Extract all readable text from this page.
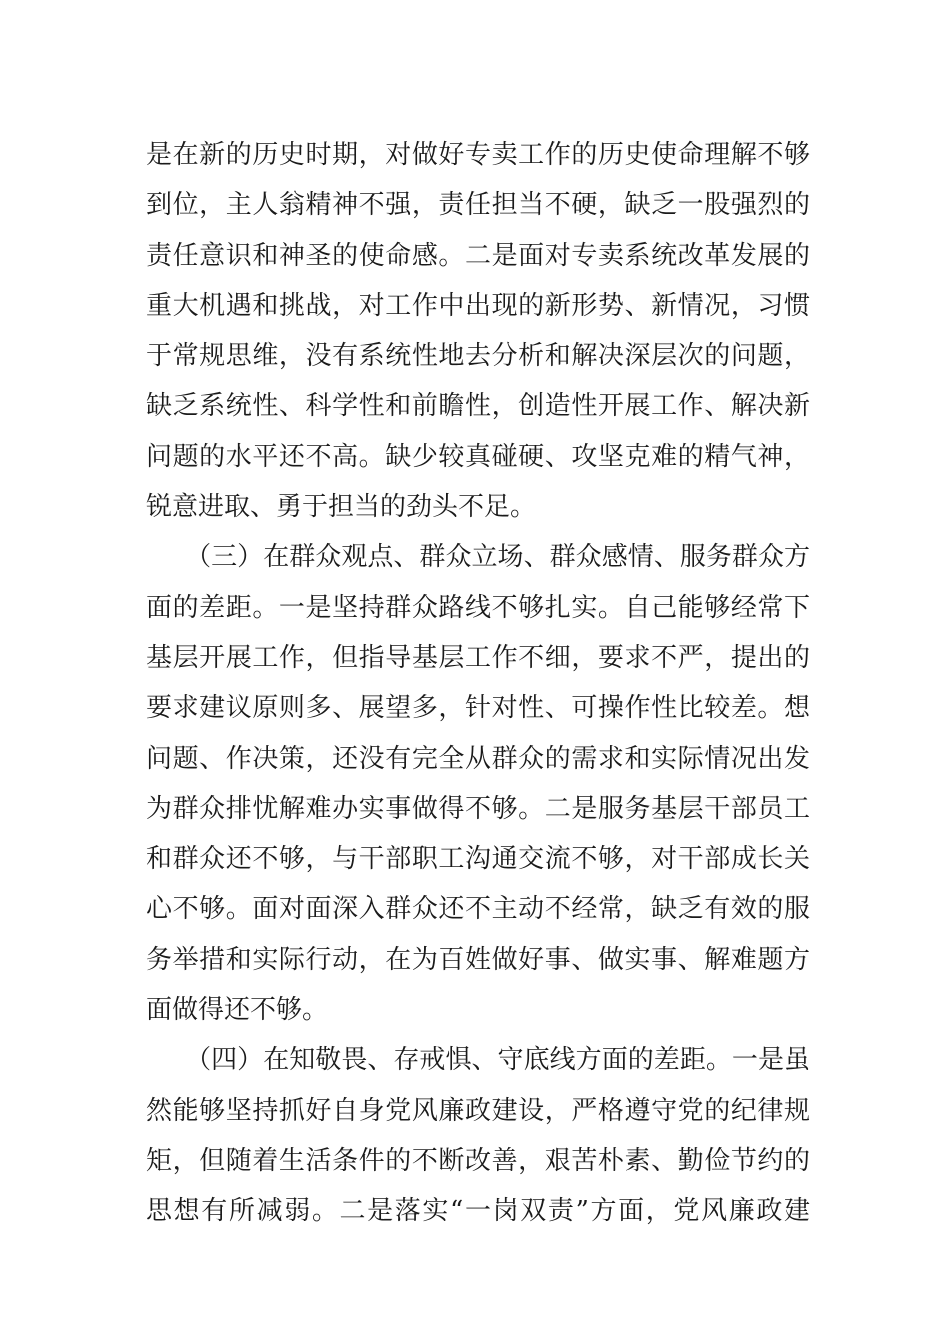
是在新的历史时期，对做好专卖工作的历史使命理解不够
到位，主人翁精神不强，责任担当不硬，缺乏一股强烈的
责任意识和神圣的使命感。二是面对专卖系统改革发展的
重大机遇和挑战，对工作中出现的新形势、新情况，习惯
于常规思维，没有系统性地去分析和解决深层次的问题，
缺乏系统性、科学性和前瞻性，创造性开展工作、解决新
问题的水平还不高。缺少较真碰硬、攻坚克难的精气神，
锐意进取、勇于担当的劲头不足。
　　（三）在群众观点、群众立场、群众感情、服务群众方
面的差距。一是坚持群众路线不够扎实。自己能够经常下
基层开展工作，但指导基层工作不细，要求不严，提出的
要求建议原则多、展望多，针对性、可操作性比较差。想
问题、作决策，还没有完全从群众的需求和实际情况出发
为群众排忧解难办实事做得不够。二是服务基层干部员工
和群众还不够，与干部职工沟通交流不够，对干部成长关
心不够。面对面深入群众还不主动不经常，缺乏有效的服
务举措和实际行动，在为百姓做好事、做实事、解难题方
面做得还不够。
　　（四）在知敬畏、存戒惧、守底线方面的差距。一是虽
然能够坚持抓好自身党风廉政建设，严格遵守党的纪律规
矩，但随着生活条件的不断改善，艰苦朴素、勤俭节约的
思想有所减弱。二是落实“一岗双责”方面，党风廉政建
